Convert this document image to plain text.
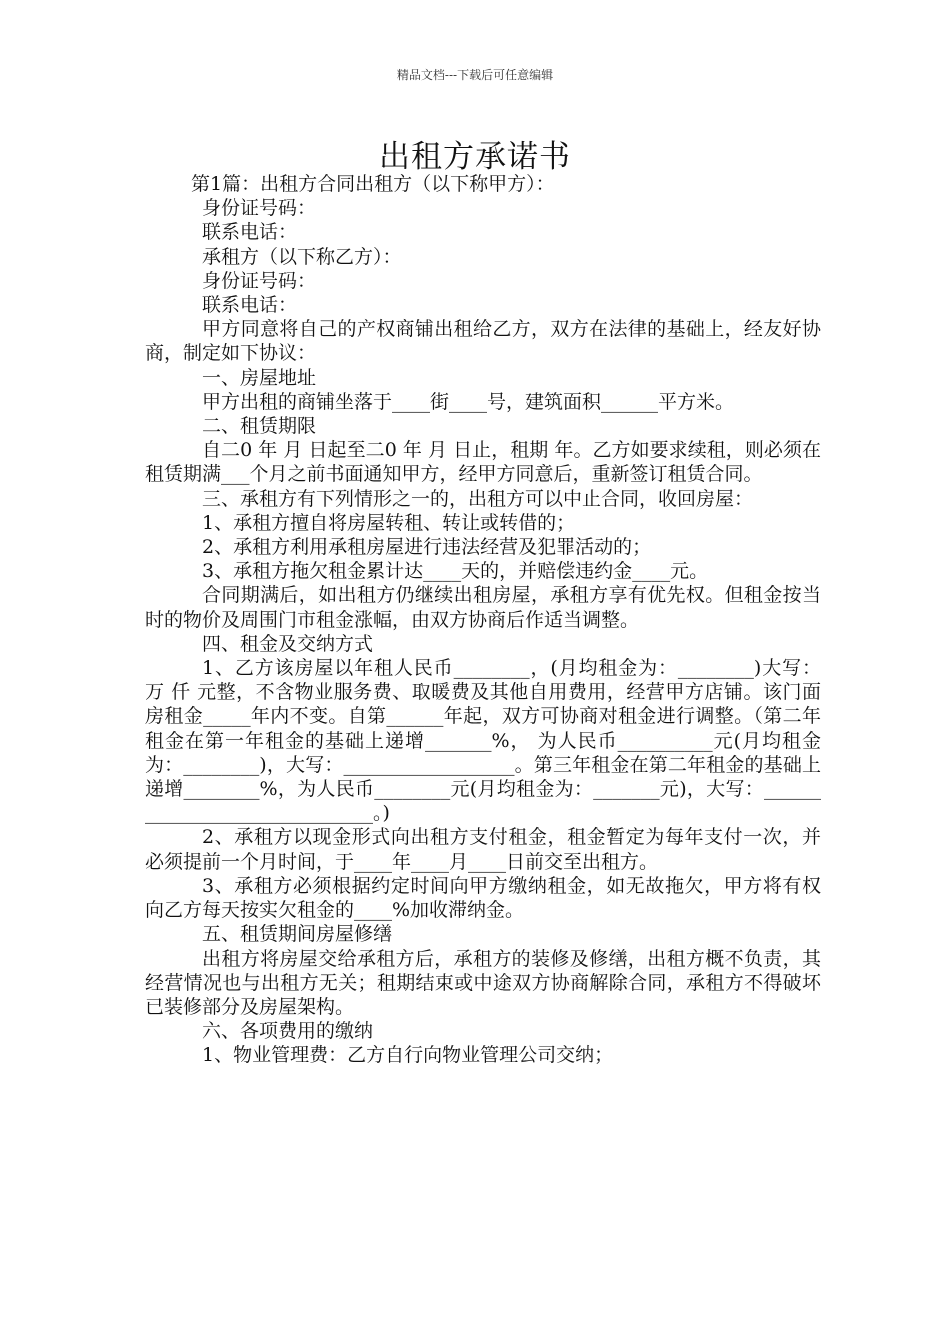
精品文档---下载后可任意编辑
出租方承诺书

第1篇：出租方合同出租方（以下称甲方）：

身份证号码：

联系电话：

承租方（以下称乙方）：

身份证号码：

联系电话：

甲方同意将自己的产权商铺出租给乙方，双方在法律的基础上，经友好协商，制定如下协议：

一、房屋地址

甲方出租的商铺坐落于____街____号，建筑面积______平方米。

二、租赁期限

自二0 年 月 日起至二0 年 月 日止，租期 年。乙方如要求续租，则必须在租赁期满___个月之前书面通知甲方，经甲方同意后，重新签订租赁合同。

三、承租方有下列情形之一的，出租方可以中止合同，收回房屋：

1、承租方擅自将房屋转租、转让或转借的；

2、承租方利用承租房屋进行违法经营及犯罪活动的；

3、承租方拖欠租金累计达____天的，并赔偿违约金____元。

合同期满后，如出租方仍继续出租房屋，承租方享有优先权。但租金按当时的物价及周围门市租金涨幅，由双方协商后作适当调整。

四、租金及交纳方式

1、乙方该房屋以年租人民币________，(月均租金为：________)大写： 万 仟 元整，不含物业服务费、取暖费及其他自用费用，经营甲方店铺。该门面房租金_____年内不变。自第______年起，双方可协商对租金进行调整。（第二年租金在第一年租金的基础上递增_______%， 为人民币__________元(月均租金为：________)，大写：__________________。第三年租金在第二年租金的基础上递增________%，为人民币________元(月均租金为：_______元)，大写：______________________________。)

2、承租方以现金形式向出租方支付租金，租金暂定为每年支付一次，并必须提前一个月时间，于____年____月____日前交至出租方。

3、承租方必须根据约定时间向甲方缴纳租金，如无故拖欠，甲方将有权向乙方每天按实欠租金的____%加收滞纳金。

五、租赁期间房屋修缮

出租方将房屋交给承租方后，承租方的装修及修缮，出租方概不负责，其经营情况也与出租方无关；租期结束或中途双方协商解除合同，承租方不得破坏已装修部分及房屋架构。

六、各项费用的缴纳

1、物业管理费：乙方自行向物业管理公司交纳；
